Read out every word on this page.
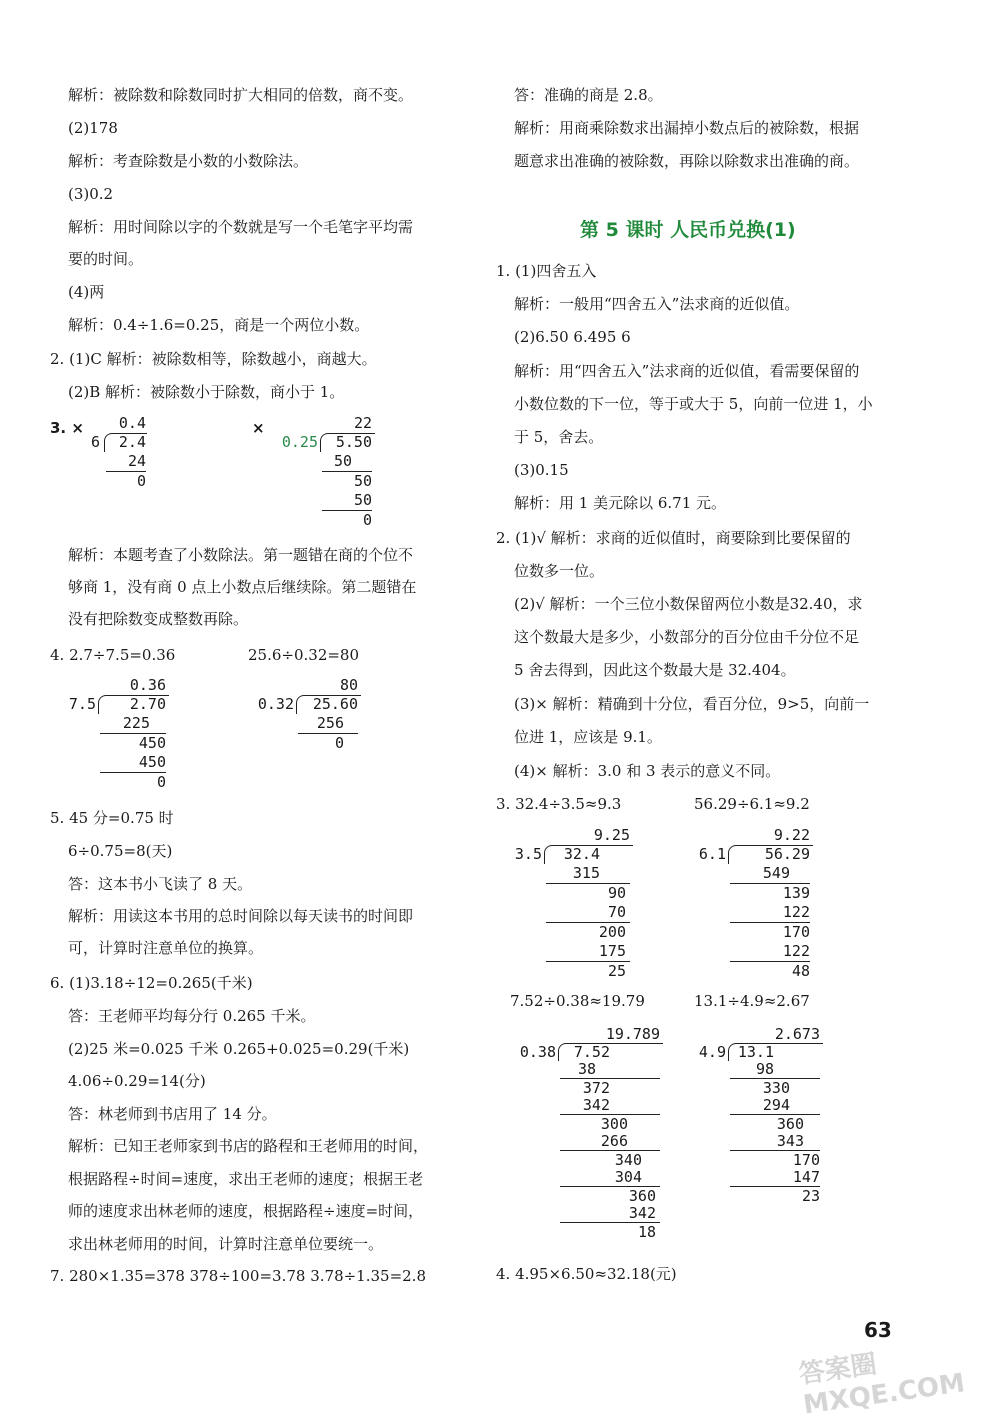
解析：被除数和除数同时扩大相同的倍数，商不变。
(2)178
解析：考查除数是小数的小数除法。
(3)0.2
解析：用时间除以字的个数就是写一个毛笔字平均需
要的时间。
(4)两
解析：0.4÷1.6=0.25，商是一个两位小数。
2. (1)C 解析：被除数相等，除数越小，商越大。
(2)B 解析：被除数小于除数，商小于 1。
3. ×	×
0.4
6	2.4
24
0
22
0.25	5.50
50
50
50
0
解析：本题考查了小数除法。第一题错在商的个位不
够商 1，没有商 0 点上小数点后继续除。第二题错在
没有把除数变成整数再除。
4. 2.7÷7.5=0.36	25.6÷0.32=80
0.36
7.5	2.70
225
450
450
0
80
0.32	25.60
256
0
5. 45 分=0.75 时
6÷0.75=8(天)
答：这本书小飞读了 8 天。
解析：用读这本书用的总时间除以每天读书的时间即
可，计算时注意单位的换算。
6. (1)3.18÷12=0.265(千米)
答：王老师平均每分行 0.265 千米。
(2)25 米=0.025 千米 0.265+0.025=0.29(千米)
4.06÷0.29=14(分)
答：林老师到书店用了 14 分。
解析：已知王老师家到书店的路程和王老师用的时间，
根据路程÷时间=速度，求出王老师的速度；根据王老
师的速度求出林老师的速度，根据路程÷速度=时间，
求出林老师用的时间，计算时注意单位要统一。
7. 280×1.35=378 378÷100=3.78 3.78÷1.35=2.8
答：准确的商是 2.8。
解析：用商乘除数求出漏掉小数点后的被除数，根据
题意求出准确的被除数，再除以除数求出准确的商。
第 5 课时 人民币兑换(1)
1. (1)四舍五入
解析：一般用“四舍五入”法求商的近似值。
(2)6.50 6.495 6
解析：用“四舍五入”法求商的近似值，看需要保留的
小数位数的下一位，等于或大于 5，向前一位进 1，小
于 5，舍去。
(3)0.15
解析：用 1 美元除以 6.71 元。
2. (1)√ 解析：求商的近似值时，商要除到比要保留的
位数多一位。
(2)√ 解析：一个三位小数保留两位小数是32.40，求
这个数最大是多少，小数部分的百分位由千分位不足
5 舍去得到，因此这个数最大是 32.404。
(3)× 解析：精确到十分位，看百分位，9>5，向前一
位进 1，应该是 9.1。
(4)× 解析：3.0 和 3 表示的意义不同。
3. 32.4÷3.5≈9.3	56.29÷6.1≈9.2
9.25
3.5	32.4
315
90
70
200
175
25
9.22
6.1	56.29
549
139
122
170
122
48
7.52÷0.38≈19.79	13.1÷4.9≈2.67
19.789
0.38	7.52
38
372
342
300
266
340
304
360
342
18
2.673
4.9 13.1
98
330
294
360
343
170
147
23
4. 4.95×6.50≈32.18(元)
63
答案圈 MXQE.COM
